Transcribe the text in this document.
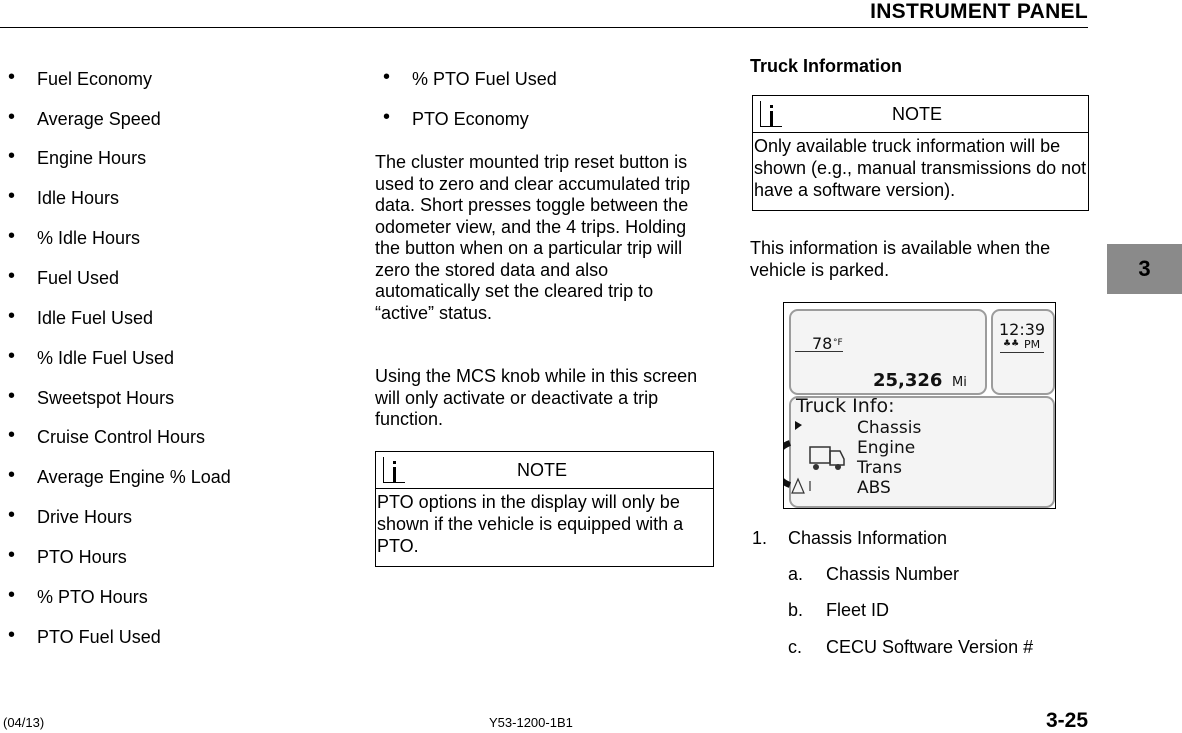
INSTRUMENT PANEL
• Fuel Economy
• Average Speed
• Engine Hours
• Idle Hours
• % Idle Hours
• Fuel Used
• Idle Fuel Used
• % Idle Fuel Used
• Sweetspot Hours
• Cruise Control Hours
• Average Engine % Load
• Drive Hours
• PTO Hours
• % PTO Hours
• PTO Fuel Used
• % PTO Fuel Used
• PTO Economy
The cluster mounted trip reset button is used to zero and clear accumulated trip data. Short presses toggle between the odometer view, and the 4 trips. Holding the button when on a particular trip will zero the stored data and also automatically set the cleared trip to “active” status.
Using the MCS knob while in this screen will only activate or deactivate a trip function.
NOTE
PTO options in the display will only be shown if the vehicle is equipped with a PTO.
Truck Information
NOTE
Only available truck information will be shown (e.g., manual transmissions do not have a software version).
This information is available when the vehicle is parked.
78 °F
12:39
♣♣ PM
25,326 Mi
Truck Info:
Chassis
Engine
Trans
ABS
1. Chassis Information
a. Chassis Number
b. Fleet ID
c. CECU Software Version #
3
(04/13)	Y53-1200-1B1	3-25
